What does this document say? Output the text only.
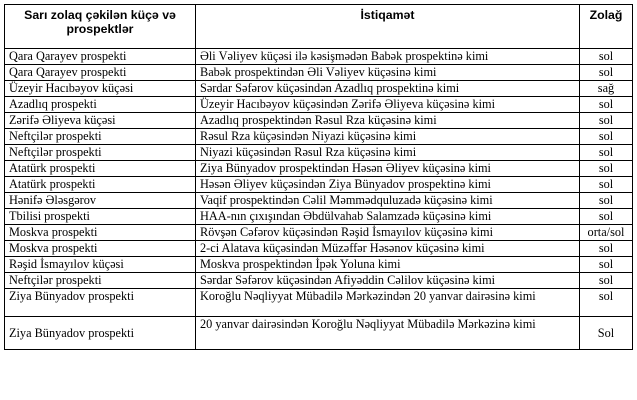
Sarı zolaq çəkilən küçə və prospektlər	İstiqamət	Zolağ
Qara Qarayev prospekti	Əli Vəliyev küçəsi ilə kəsişmədən Babək prospektinə kimi	sol
Qara Qarayev prospekti	Babək prospektindən Əli Vəliyev küçəsinə kimi	sol
Üzeyir Hacıbəyov küçəsi	Sərdar Səfərov küçəsindən Azadlıq prospektinə kimi	sağ
Azadlıq prospekti	Üzeyir Hacıbəyov küçəsindən Zərifə Əliyeva küçəsinə kimi	sol
Zərifə Əliyeva küçəsi	Azadlıq prospektindən Rəsul Rza küçəsinə kimi	sol
Neftçilər prospekti	Rəsul Rza küçəsindən Niyazi küçəsinə kimi	sol
Neftçilər prospekti	Niyazi küçəsindən Rəsul Rza küçəsinə kimi	sol
Atatürk prospekti	Ziya Bünyadov prospektindən Həsən Əliyev küçəsinə kimi	sol
Atatürk prospekti	Həsən Əliyev küçəsindən Ziya Bünyadov prospektinə kimi	sol
Hənifə Ələsgərov	Vaqif prospektindən Cəlil Məmmədquluzadə küçəsinə kimi	sol
Tbilisi prospekti	HAA-nın çıxışından Əbdülvahab Salamzadə küçəsinə kimi	sol
Moskva prospekti	Rövşən Cəfərov küçəsindən Rəşid İsmayılov küçəsinə kimi	orta/sol
Moskva prospekti	2-ci Alatava küçəsindən Müzəffər Həsənov küçəsinə kimi	sol
Rəşid İsmayılov küçəsi	Moskva prospektindən İpək Yoluna kimi	sol
Neftçilər prospekti	Sərdar Səfərov küçəsindən Afiyəddin Cəlilov küçəsinə kimi	sol
Ziya Bünyadov prospekti	Koroğlu Nəqliyyat Mübadilə Mərkəzindən 20 yanvar dairəsinə kimi	sol
Ziya Bünyadov prospekti	20 yanvar dairəsindən Koroğlu Nəqliyyat Mübadilə Mərkəzinə kimi	Sol
